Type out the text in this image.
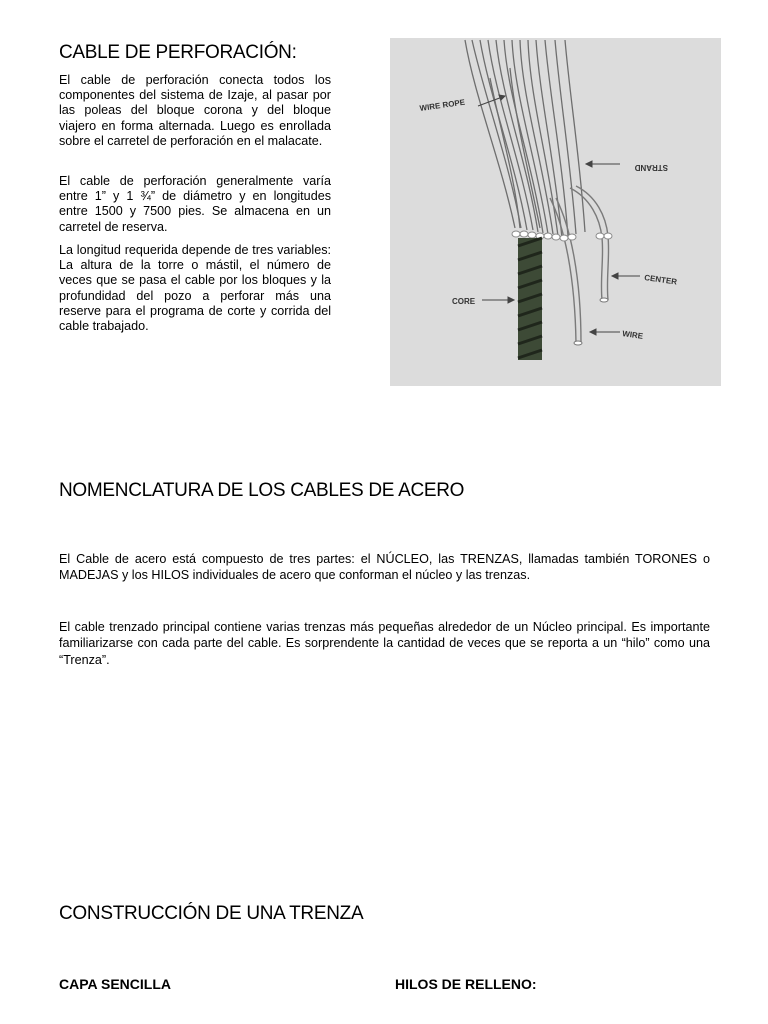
CABLE DE PERFORACIÓN:

El cable de perforación conecta todos los componentes del sistema de Izaje, al pasar por las poleas del bloque corona y del bloque viajero en forma alternada. Luego es enrollada sobre el carretel de perforación en el malacate.

El cable de perforación generalmente varía entre 1” y 1 ¾” de diámetro y en longitudes entre 1500 y 7500 pies. Se almacena en un carretel de reserva.

La longitud requerida depende de tres variables: La altura de la torre o mástil, el número de veces que se pasa el cable por los bloques y la profundidad del pozo a perforar más una reserve para el programa de corte y corrida del cable trabajado.

WIRE ROPE
STRAND
CENTER
CORE
WIRE
NOMENCLATURA DE LOS CABLES DE ACERO

El Cable de acero está compuesto de tres partes: el NÚCLEO, las TRENZAS, llamadas también TORONES o MADEJAS y los HILOS individuales de acero que conforman el núcleo y las trenzas.

El cable trenzado principal contiene varias trenzas más pequeñas alrededor de un Núcleo principal. Es importante familiarizarse con cada parte del cable. Es sorprendente la cantidad de veces que se reporta a un “hilo” como una “Trenza”.

CONSTRUCCIÓN DE UNA TRENZA
CAPA SENCILLA	HILOS DE RELLENO:
